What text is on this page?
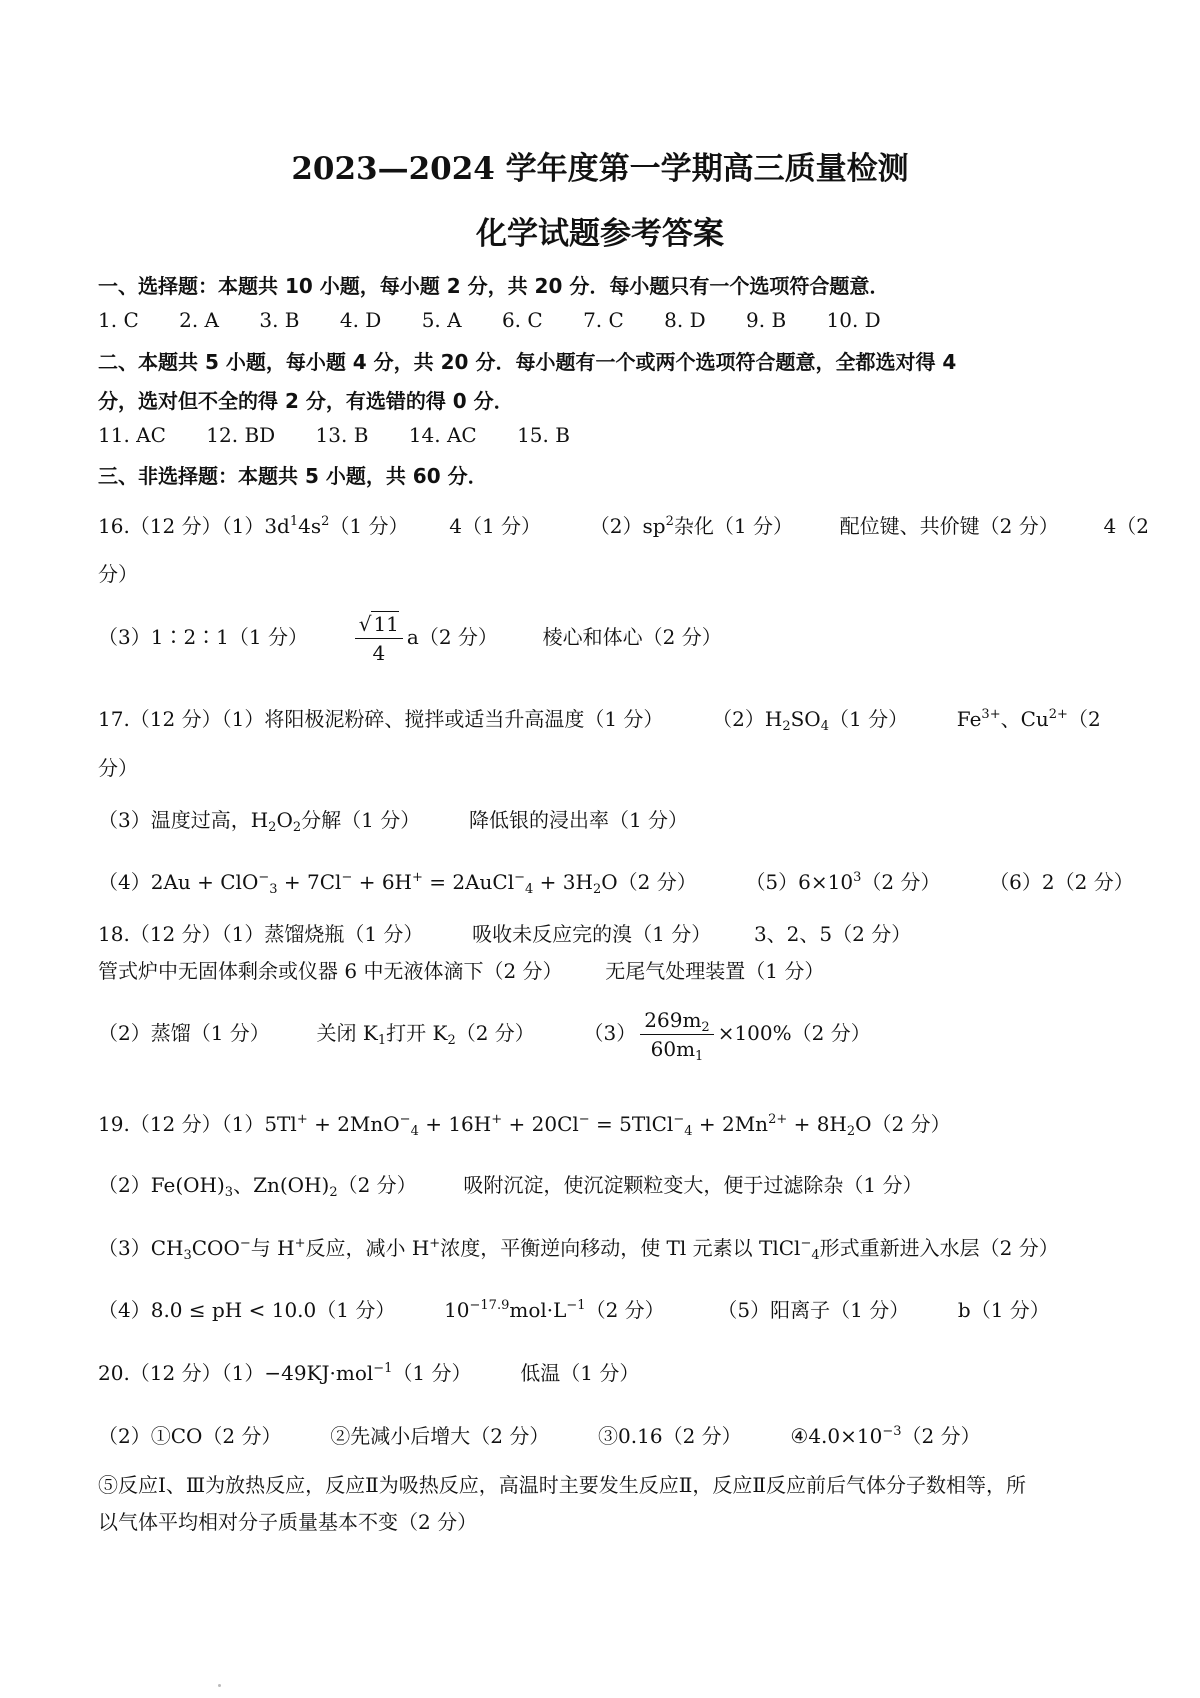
2023—2024 学年度第一学期高三质量检测
化学试题参考答案
一、选择题：本题共 10 小题，每小题 2 分，共 20 分．每小题只有一个选项符合题意．
1. C 2. A 3. B 4. D 5. A 6. C 7. C 8. D 9. B 10. D
二、本题共 5 小题，每小题 4 分，共 20 分．每小题有一个或两个选项符合题意，全都选对得 4
分，选对但不全的得 2 分，有选错的得 0 分．
11. AC 12. BD 13. B 14. AC 15. B
三、非选择题：本题共 5 小题，共 60 分．
16.（12 分）$(1)3d^14s^2(1$ 分） 4（1 分） $(2)sp^2$杂化（1 分） 配位键、共价键（2 分） 4（2
分）
（3）1∶2∶1（1 分） $\frac{√ 11}{4} a(2$ 分） 棱心和体心（2 分）
17.（12 分）（1）将阳极泥粉碎、搅拌或适当升高温度（1 分） $(2)H_2SO_4(1$ 分） $Fe^{3+}$、$Cu^{2+}(2$
分）
（3）温度过高，$H_2O_2$分解（1 分） 降低银的浸出率（1 分）
（4）2Au + ClO−$_3$ + 7Cl− + 6H+ = 2AuCl−$_4$ + $3H_2O(2$ 分） $(5)6\times 10^3(2$ 分） （6）2（2 分）
18.（12 分）（1）蒸馏烧瓶（1 分） 吸收未反应完的溴（1 分） 3、2、5（2 分）
管式炉中无固体剩余或仪器 6 中无液体滴下（2 分） 无尾气处理装置（1 分）
（2）蒸馏（1 分） 关闭 $K_1$打开 $K_2(2$ 分） $(3) \frac{269m_2}{60m_1} \times 100\%(2$ 分）
19.（12 分）（1）5Tl+ + 2MnO−$_4$ + 16H+ + 20Cl− = 5TlCl−$_4$ + $2Mn^{2+} + 8H_2O(2$ 分）
$(2)Fe(OH)_3$、$Zn(OH)_2(2$ 分） 吸附沉淀，使沉淀颗粒变大，便于过滤除杂（1 分）
$(3)CH_3COO^-$与 H+反应，减小 H+浓度，平衡逆向移动，使 Tl 元素以 TlCl−$_4$形式重新进入水层（2 分）
（4）8.0 ≤ pH < 10.0（1 分） $10^{-17.9}mol\cdot L^{-1}(2$ 分）	（5）阳离子（1 分） b（1 分）
20.（12 分）（1）−49KJ·mol$^{-1}$（1 分） 低温（1 分）
（2）①CO（2 分） ②先减小后增大（2 分） ③0.16（2 分） $④4.0\times 10^{-3}(2$ 分）
⑤反应Ⅰ、Ⅲ为放热反应，反应Ⅱ为吸热反应，高温时主要发生反应Ⅱ，反应Ⅱ反应前后气体分子数相等，所
以气体平均相对分子质量基本不变（2 分）
